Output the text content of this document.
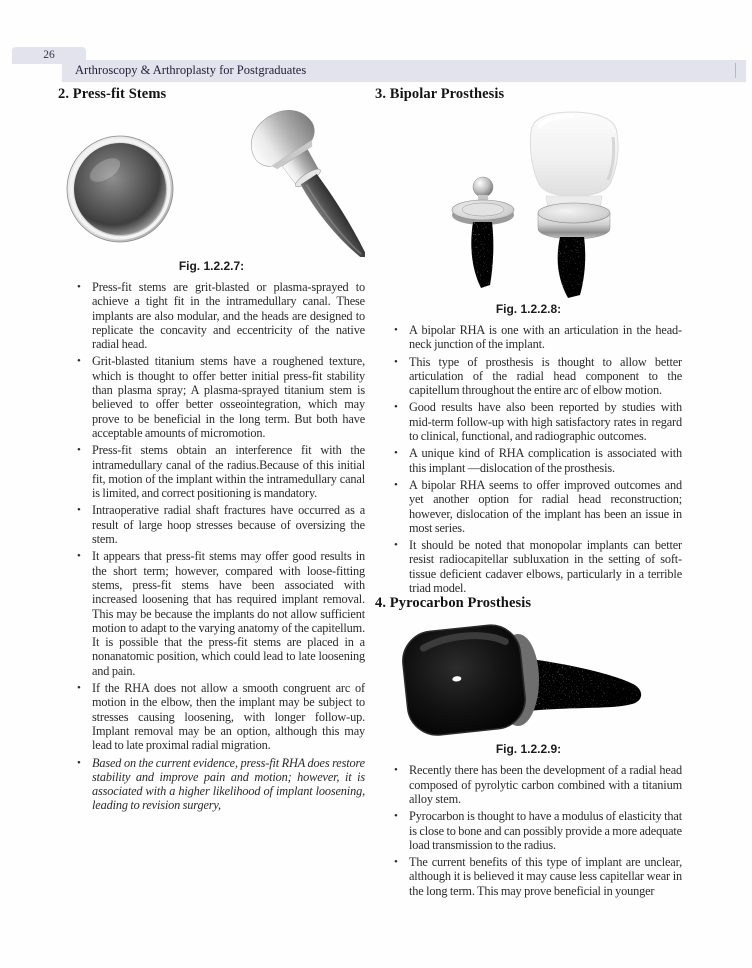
26
Arthroscopy & Arthroplasty for Postgraduates
2. Press-fit Stems
Fig. 1.2.2.7:
• Press-fit stems are grit-blasted or plasma-sprayed to achieve a tight fit in the intramedullary canal. These implants are also modular, and the heads are designed to replicate the concavity and eccentricity of the native radial head.
• Grit-blasted titanium stems have a roughened texture, which is thought to offer better initial press-fit stability than plasma spray; A plasma-sprayed titanium stem is believed to offer better osseointegration, which may prove to be beneficial in the long term. But both have acceptable amounts of micromotion.
• Press-fit stems obtain an interference fit with the intramedullary canal of the radius.Because of this initial fit, motion of the implant within the intramedullary canal is limited, and correct positioning is mandatory.
• Intraoperative radial shaft fractures have occurred as a result of large hoop stresses because of oversizing the stem.
• It appears that press-fit stems may offer good results in the short term; however, compared with loose-fitting stems, press-fit stems have been associated with increased loosening that has required implant removal. This may be because the implants do not allow sufficient motion to adapt to the varying anatomy of the capitellum. It is possible that the press-fit stems are placed in a nonanatomic position, which could lead to late loosening and pain.
• If the RHA does not allow a smooth congruent arc of motion in the elbow, then the implant may be subject to stresses causing loosening, with longer follow-up. Implant removal may be an option, although this may lead to late proximal radial migration.
• Based on the current evidence, press-fit RHA does restore stability and improve pain and motion; however, it is associated with a higher likelihood of implant loosening, leading to revision surgery,
3. Bipolar Prosthesis
Fig. 1.2.2.8:
• A bipolar RHA is one with an articulation in the head-neck junction of the implant.
• This type of prosthesis is thought to allow better articulation of the radial head component to the capitellum throughout the entire arc of elbow motion.
• Good results have also been reported by studies with mid-term follow-up with high satisfactory rates in regard to clinical, functional, and radiographic outcomes.
• A unique kind of RHA complication is associated with this implant —dislocation of the prosthesis.
• A bipolar RHA seems to offer improved outcomes and yet another option for radial head reconstruction; however, dislocation of the implant has been an issue in most series.
• It should be noted that monopolar implants can better resist radiocapitellar subluxation in the setting of soft-tissue deficient cadaver elbows, particularly in a terrible triad model.
4. Pyrocarbon Prosthesis
Fig. 1.2.2.9:
• Recently there has been the development of a radial head composed of pyrolytic carbon combined with a titanium alloy stem.
• Pyrocarbon is thought to have a modulus of elasticity that is close to bone and can possibly provide a more adequate load transmission to the radius.
• The current benefits of this type of implant are unclear, although it is believed it may cause less capitellar wear in the long term. This may prove beneficial in younger
